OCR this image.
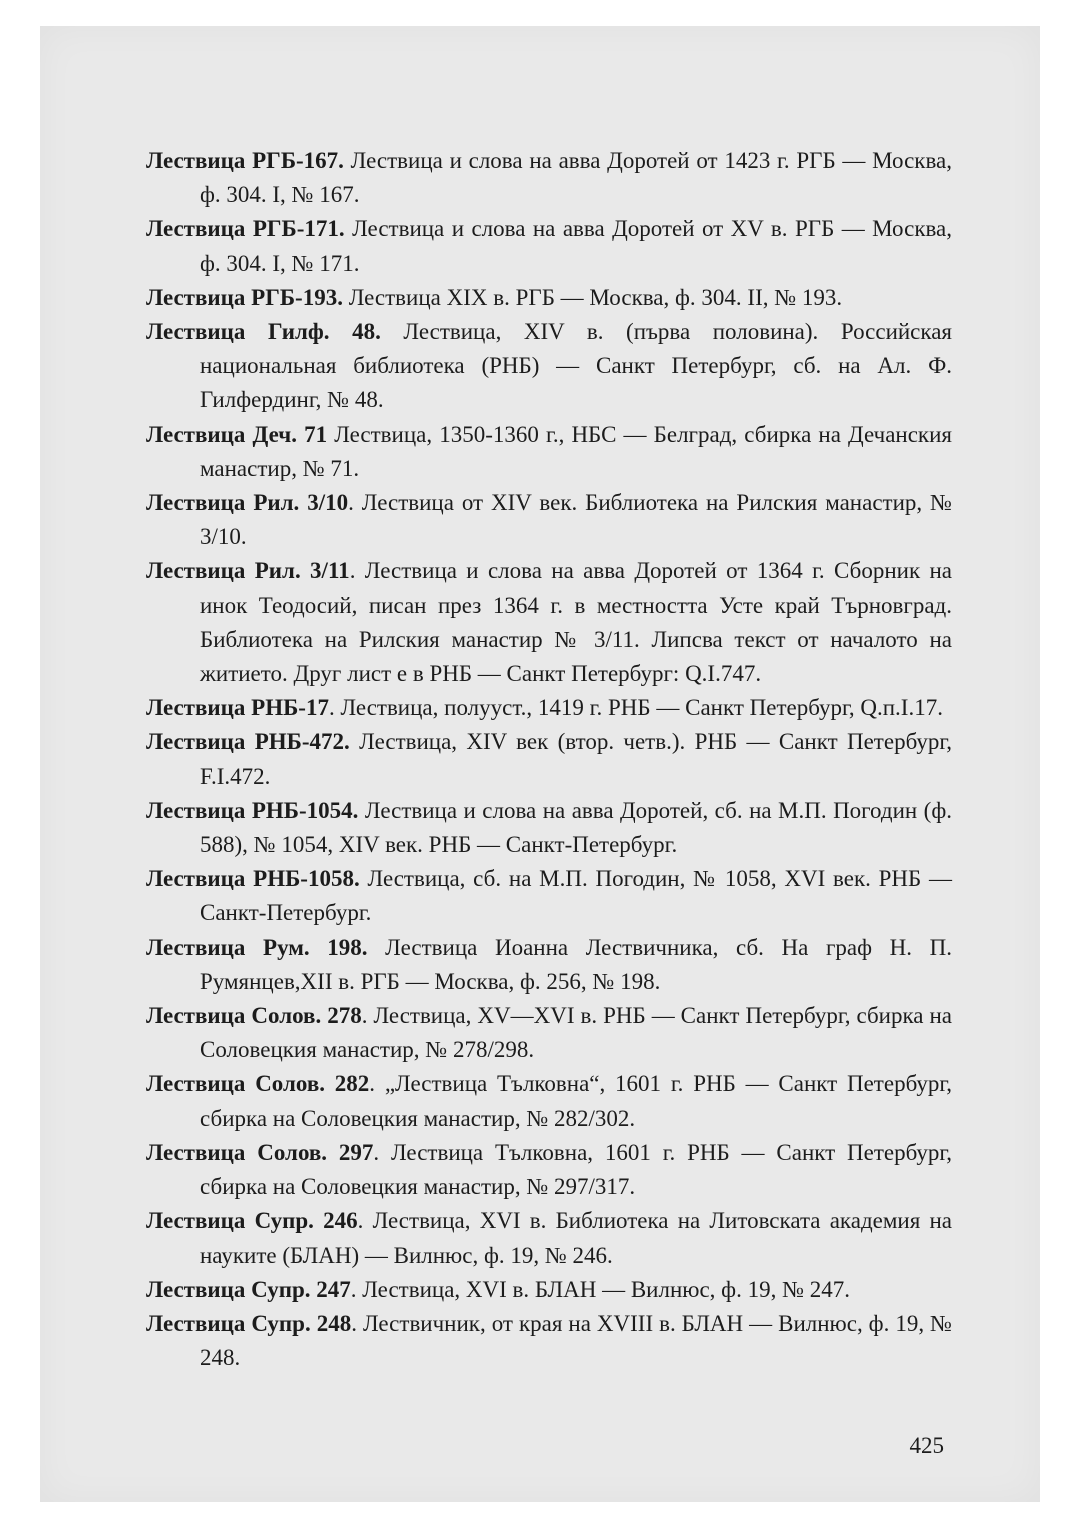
Лествица РГБ-167. Лествица и слова на авва Доротей от 1423 г. РГБ — Москва, ф. 304. I, № 167.
Лествица РГБ-171. Лествица и слова на авва Доротей от XV в. РГБ — Москва, ф. 304. I, № 171.
Лествица РГБ-193. Лествица XIX в. РГБ — Москва, ф. 304. II, № 193.
Лествица Гилф. 48. Лествица, XIV в. (първа половина). Российская национальная библиотека (РНБ) — Санкт Петербург, сб. на Ал. Ф. Гилфердинг, № 48.
Лествица Деч. 71 Лествица, 1350-1360 г., НБС — Белград, сбирка на Дечанския манастир, № 71.
Лествица Рил. 3/10. Лествица от XIV век. Библиотека на Рилския манастир, № 3/10.
Лествица Рил. 3/11. Лествица и слова на авва Доротей от 1364 г. Сборник на инок Теодосий, писан през 1364 г. в местността Усте край Търновград. Библиотека на Рилския манастир № 3/11. Липсва текст от началото на житието. Друг лист е в РНБ — Санкт Петербург: Q.I.747.
Лествица РНБ-17. Лествица, полууст., 1419 г. РНБ — Санкт Петербург, Q.п.I.17.
Лествица РНБ-472. Лествица, XIV век (втор. четв.). РНБ — Санкт Петербург, F.I.472.
Лествица РНБ-1054. Лествица и слова на авва Доротей, сб. на М.П. Погодин (ф. 588), № 1054, XIV век. РНБ — Санкт-Петербург.
Лествица РНБ-1058. Лествица, сб. на М.П. Погодин, № 1058, XVI век. РНБ — Санкт-Петербург.
Лествица Рум. 198. Лествица Иоанна Лествичника, сб. На граф Н. П. Румянцев,XII в. РГБ — Москва, ф. 256, № 198.
Лествица Солов. 278. Лествица, XV—XVI в. РНБ — Санкт Петербург, сбирка на Соловецкия манастир, № 278/298.
Лествица Солов. 282. „Лествица Тълковна“, 1601 г. РНБ — Санкт Петербург, сбирка на Соловецкия манастир, № 282/302.
Лествица Солов. 297. Лествица Тълковна, 1601 г. РНБ — Санкт Петербург, сбирка на Соловецкия манастир, № 297/317.
Лествица Супр. 246. Лествица, XVI в. Библиотека на Литовската академия на науките (БЛАН) — Вилнюс, ф. 19, № 246.
Лествица Супр. 247. Лествица, XVI в. БЛАН — Вилнюс, ф. 19, № 247.
Лествица Супр. 248. Лествичник, от края на XVIII в. БЛАН — Вилнюс, ф. 19, № 248.
425
